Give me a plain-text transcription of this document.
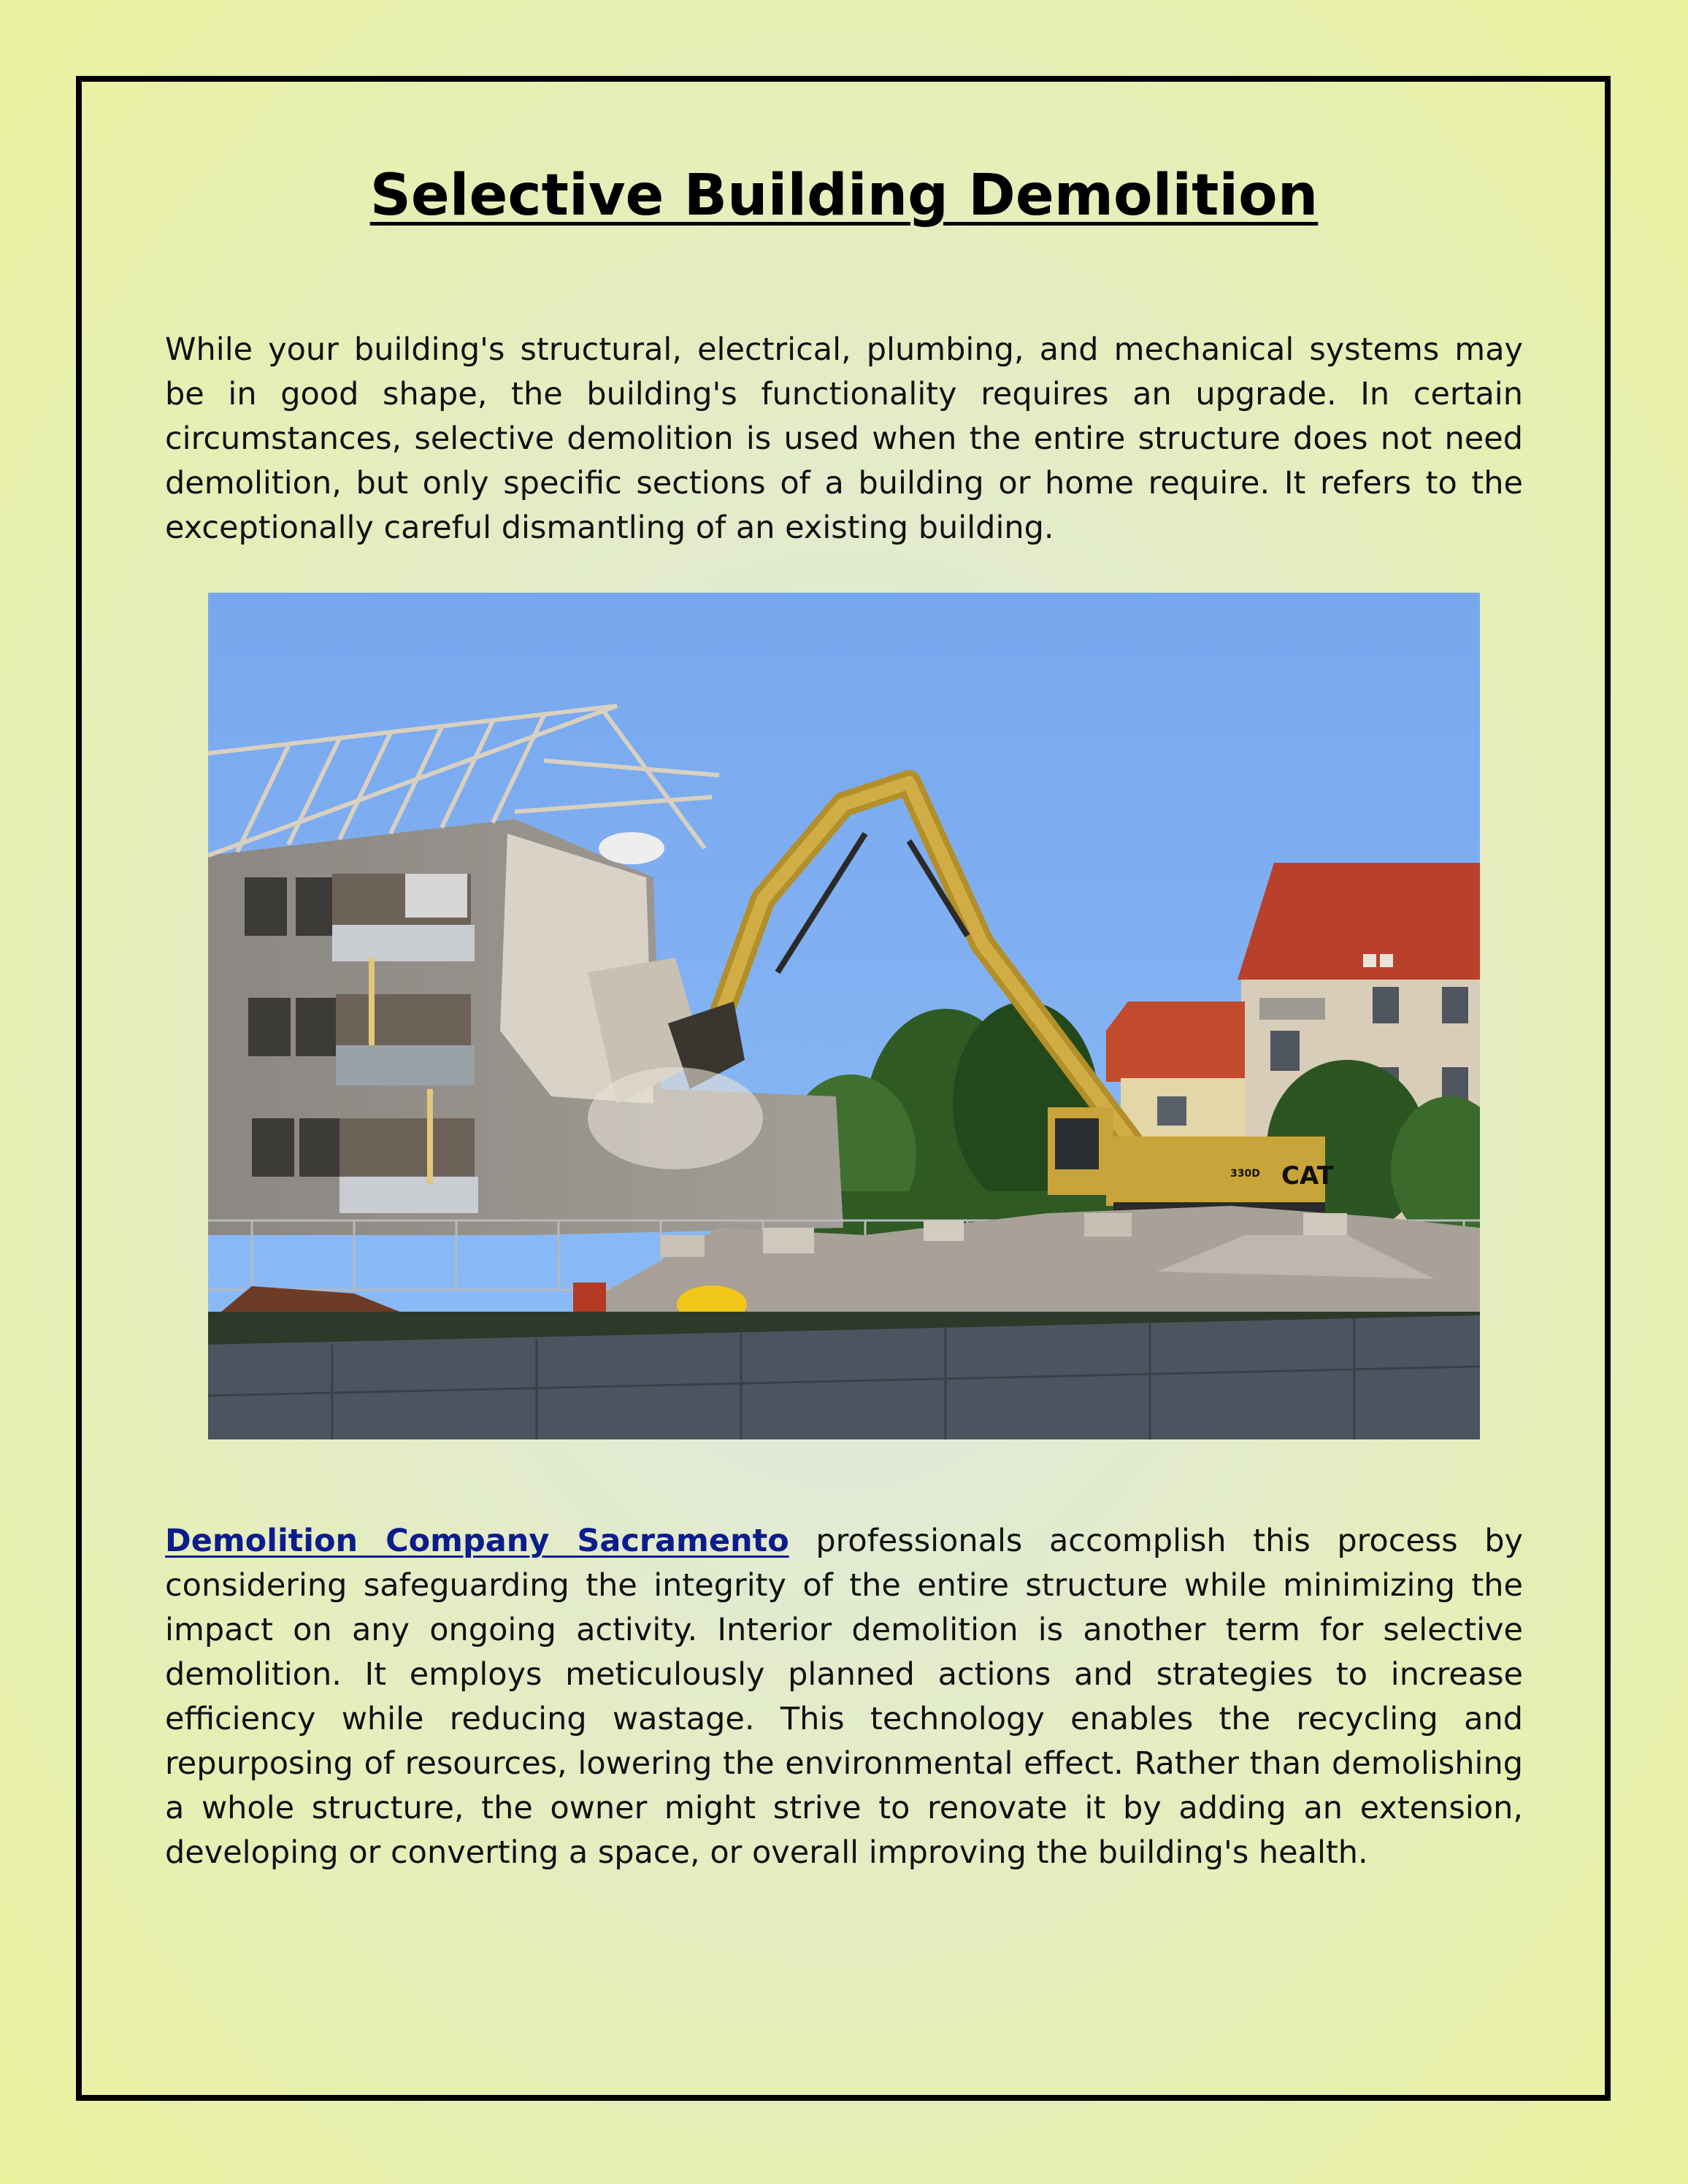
Selective Building Demolition

While your building's structural, electrical, plumbing, and mechanical systems may be in good shape, the building's functionality requires an upgrade. In certain circumstances, selective demolition is used when the entire structure does not need demolition, but only specific sections of a building or home require. It refers to the exceptionally careful dismantling of an existing building.

CAT
330D

Demolition Company Sacramento professionals accomplish this process by considering safeguarding the integrity of the entire structure while minimizing the impact on any ongoing activity. Interior demolition is another term for selective demolition. It employs meticulously planned actions and strategies to increase efficiency while reducing wastage. This technology enables the recycling and repurposing of resources, lowering the environmental effect. Rather than demolishing a whole structure, the owner might strive to renovate it by adding an extension, developing or converting a space, or overall improving the building's health.
